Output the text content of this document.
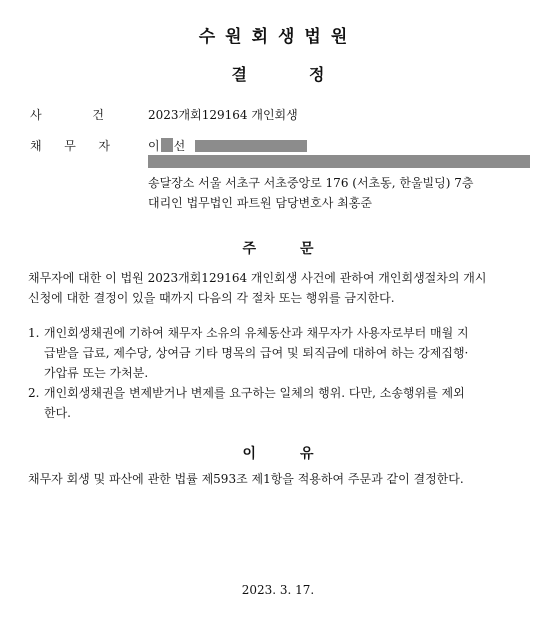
수원회생법원
결정
사	건	2023개회129164 개인회생
채 무 자	이 선
송달장소 서울 서초구 서초중앙로 176 (서초동, 한울빌딩) 7층
대리인 법무법인 파트원 담당변호사 최홍준
주문
채무자에 대한 이 법원 2023개회129164 개인회생 사건에 관하여 개인회생절차의 개시
신청에 대한 결정이 있을 때까지 다음의 각 절차 또는 행위를 금지한다.
1. 개인회생채권에 기하여 채무자 소유의 유체동산과 채무자가 사용자로부터 매월 지
급받을 급료, 제수당, 상여금 기타 명목의 급여 및 퇴직금에 대하여 하는 강제집행·
가압류 또는 가처분.
2. 개인회생채권을 변제받거나 변제를 요구하는 일체의 행위. 다만, 소송행위를 제외
한다.
이유
채무자 회생 및 파산에 관한 법률 제593조 제1항을 적용하여 주문과 같이 결정한다.
2023. 3. 17.
